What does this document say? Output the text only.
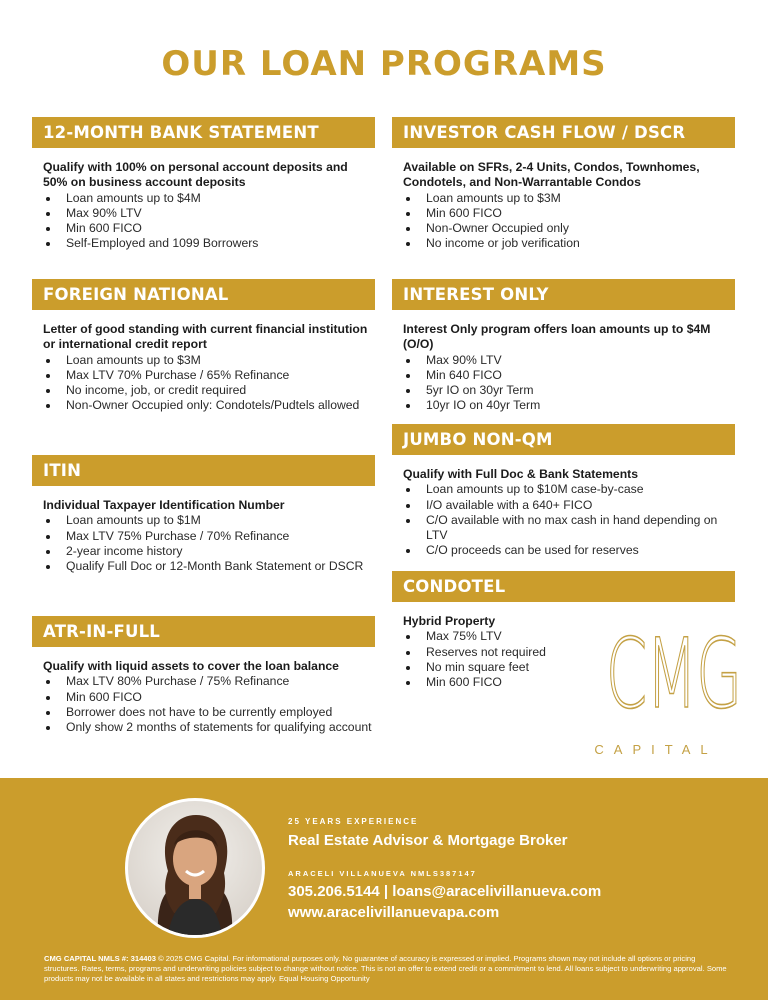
OUR LOAN PROGRAMS
12-MONTH BANK STATEMENT

Qualify with 100% on personal account deposits and 50% on business account deposits

Loan amounts up to $4M
Max 90% LTV
Min 600 FICO
Self-Employed and 1099 Borrowers
INVESTOR CASH FLOW / DSCR

Available on SFRs, 2-4 Units, Condos, Townhomes, Condotels, and Non-Warrantable Condos

Loan amounts up to $3M
Min 600 FICO
Non-Owner Occupied only
No income or job verification
FOREIGN NATIONAL

Letter of good standing with current financial institution or international credit report

Loan amounts up to $3M
Max LTV 70% Purchase / 65% Refinance
No income, job, or credit required
Non-Owner Occupied only: Condotels/Pudtels allowed
INTEREST ONLY

Interest Only program offers loan amounts up to $4M (O/O)

Max 90% LTV
Min 640 FICO
5yr IO on 30yr Term
10yr IO on 40yr Term
JUMBO NON-QM

Qualify with Full Doc & Bank Statements

Loan amounts up to $10M case-by-case
I/O available with a 640+ FICO
C/O available with no max cash in hand depending on LTV
C/O proceeds can be used for reserves
ITIN

Individual Taxpayer Identification Number

Loan amounts up to $1M
Max LTV 75% Purchase / 70% Refinance
2-year income history
Qualify Full Doc or 12-Month Bank Statement or DSCR
CONDOTEL

Hybrid Property

Max 75% LTV
Reserves not required
No min square feet
Min 600 FICO
ATR-IN-FULL

Qualify with liquid assets to cover the loan balance

Max LTV 80% Purchase / 75% Refinance
Min 600 FICO
Borrower does not have to be currently employed
Only show 2 months of statements for qualifying account CMG
CAPITAL
25 YEARS EXPERIENCE
Real Estate Advisor & Mortgage Broker
ARACELI VILLANUEVA NMLS387147
305.206.5144 | loans@aracelivillanueva.com
www.aracelivillanuevapa.com

CMG CAPITAL NMLS #: 314403 © 2025 CMG Capital. For informational purposes only. No guarantee of accuracy is expressed or implied. Programs shown may not include all options or pricing structures. Rates, terms, programs and underwriting policies subject to change without notice. This is not an offer to extend credit or a commitment to lend. All loans subject to underwriting approval. Some products may not be available in all states and restrictions may apply. Equal Housing Opportunity
